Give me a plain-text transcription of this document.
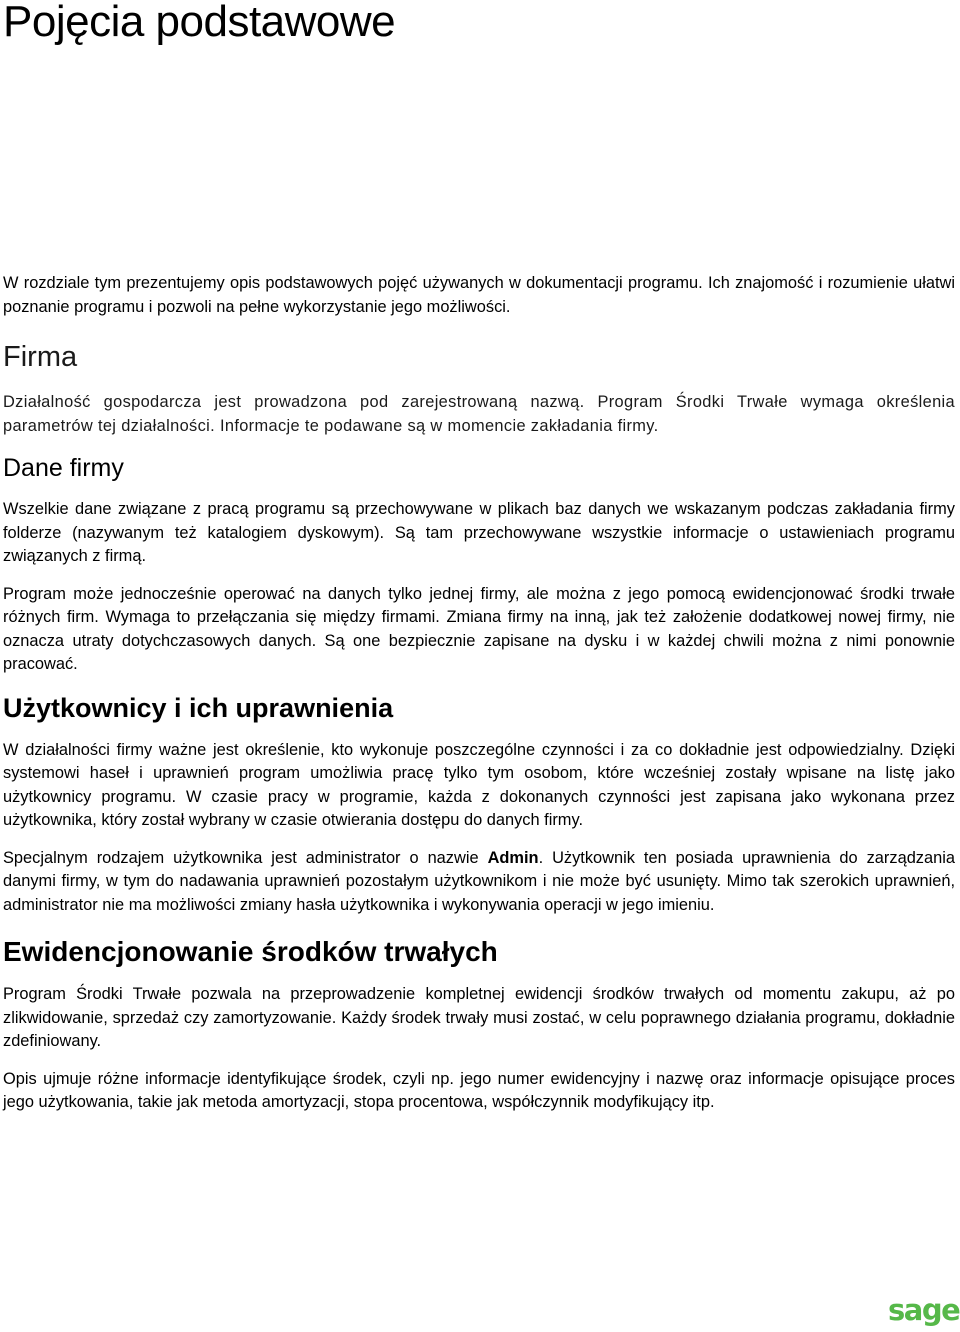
Pojęcia podstawowe

W rozdziale tym prezentujemy opis podstawowych pojęć używanych w dokumentacji programu. Ich znajomość i rozumienie ułatwi poznanie programu i pozwoli na pełne wykorzystanie jego możliwości.

Firma

Działalność gospodarcza jest prowadzona pod zarejestrowaną nazwą. Program Środki Trwałe wymaga określenia parametrów tej działalności. Informacje te podawane są w momencie zakładania firmy.

Dane firmy

Wszelkie dane związane z pracą programu są przechowywane w plikach baz danych we wskazanym podczas zakładania firmy folderze (nazywanym też katalogiem dyskowym). Są tam przechowywane wszystkie informacje o ustawieniach programu związanych z firmą.

Program może jednocześnie operować na danych tylko jednej firmy, ale można z jego pomocą ewidencjonować środki trwałe różnych firm. Wymaga to przełączania się między firmami. Zmiana firmy na inną, jak też założenie dodatkowej nowej firmy, nie oznacza utraty dotychczasowych danych. Są one bezpiecznie zapisane na dysku i w każdej chwili można z nimi ponownie pracować.

Użytkownicy i ich uprawnienia

W działalności firmy ważne jest określenie, kto wykonuje poszczególne czynności i za co dokładnie jest odpowiedzialny. Dzięki systemowi haseł i uprawnień program umożliwia pracę tylko tym osobom, które wcześniej zostały wpisane na listę jako użytkownicy programu. W czasie pracy w programie, każda z dokonanych czynności jest zapisana jako wykonana przez użytkownika, który został wybrany w czasie otwierania dostępu do danych firmy.

Specjalnym rodzajem użytkownika jest administrator o nazwie Admin. Użytkownik ten posiada uprawnienia do zarządzania danymi firmy, w tym do nadawania uprawnień pozostałym użytkownikom i nie może być usunięty. Mimo tak szerokich uprawnień, administrator nie ma możliwości zmiany hasła użytkownika i wykonywania operacji w jego imieniu.

Ewidencjonowanie środków trwałych

Program Środki Trwałe pozwala na przeprowadzenie kompletnej ewidencji środków trwałych od momentu zakupu, aż po zlikwidowanie, sprzedaż czy zamortyzowanie. Każdy środek trwały musi zostać, w celu poprawnego działania programu, dokładnie zdefiniowany.

Opis ujmuje różne informacje identyfikujące środek, czyli np. jego numer ewidencyjny i nazwę oraz informacje opisujące proces jego użytkowania, takie jak metoda amortyzacji, stopa procentowa, współczynnik modyfikujący itp.

sage
